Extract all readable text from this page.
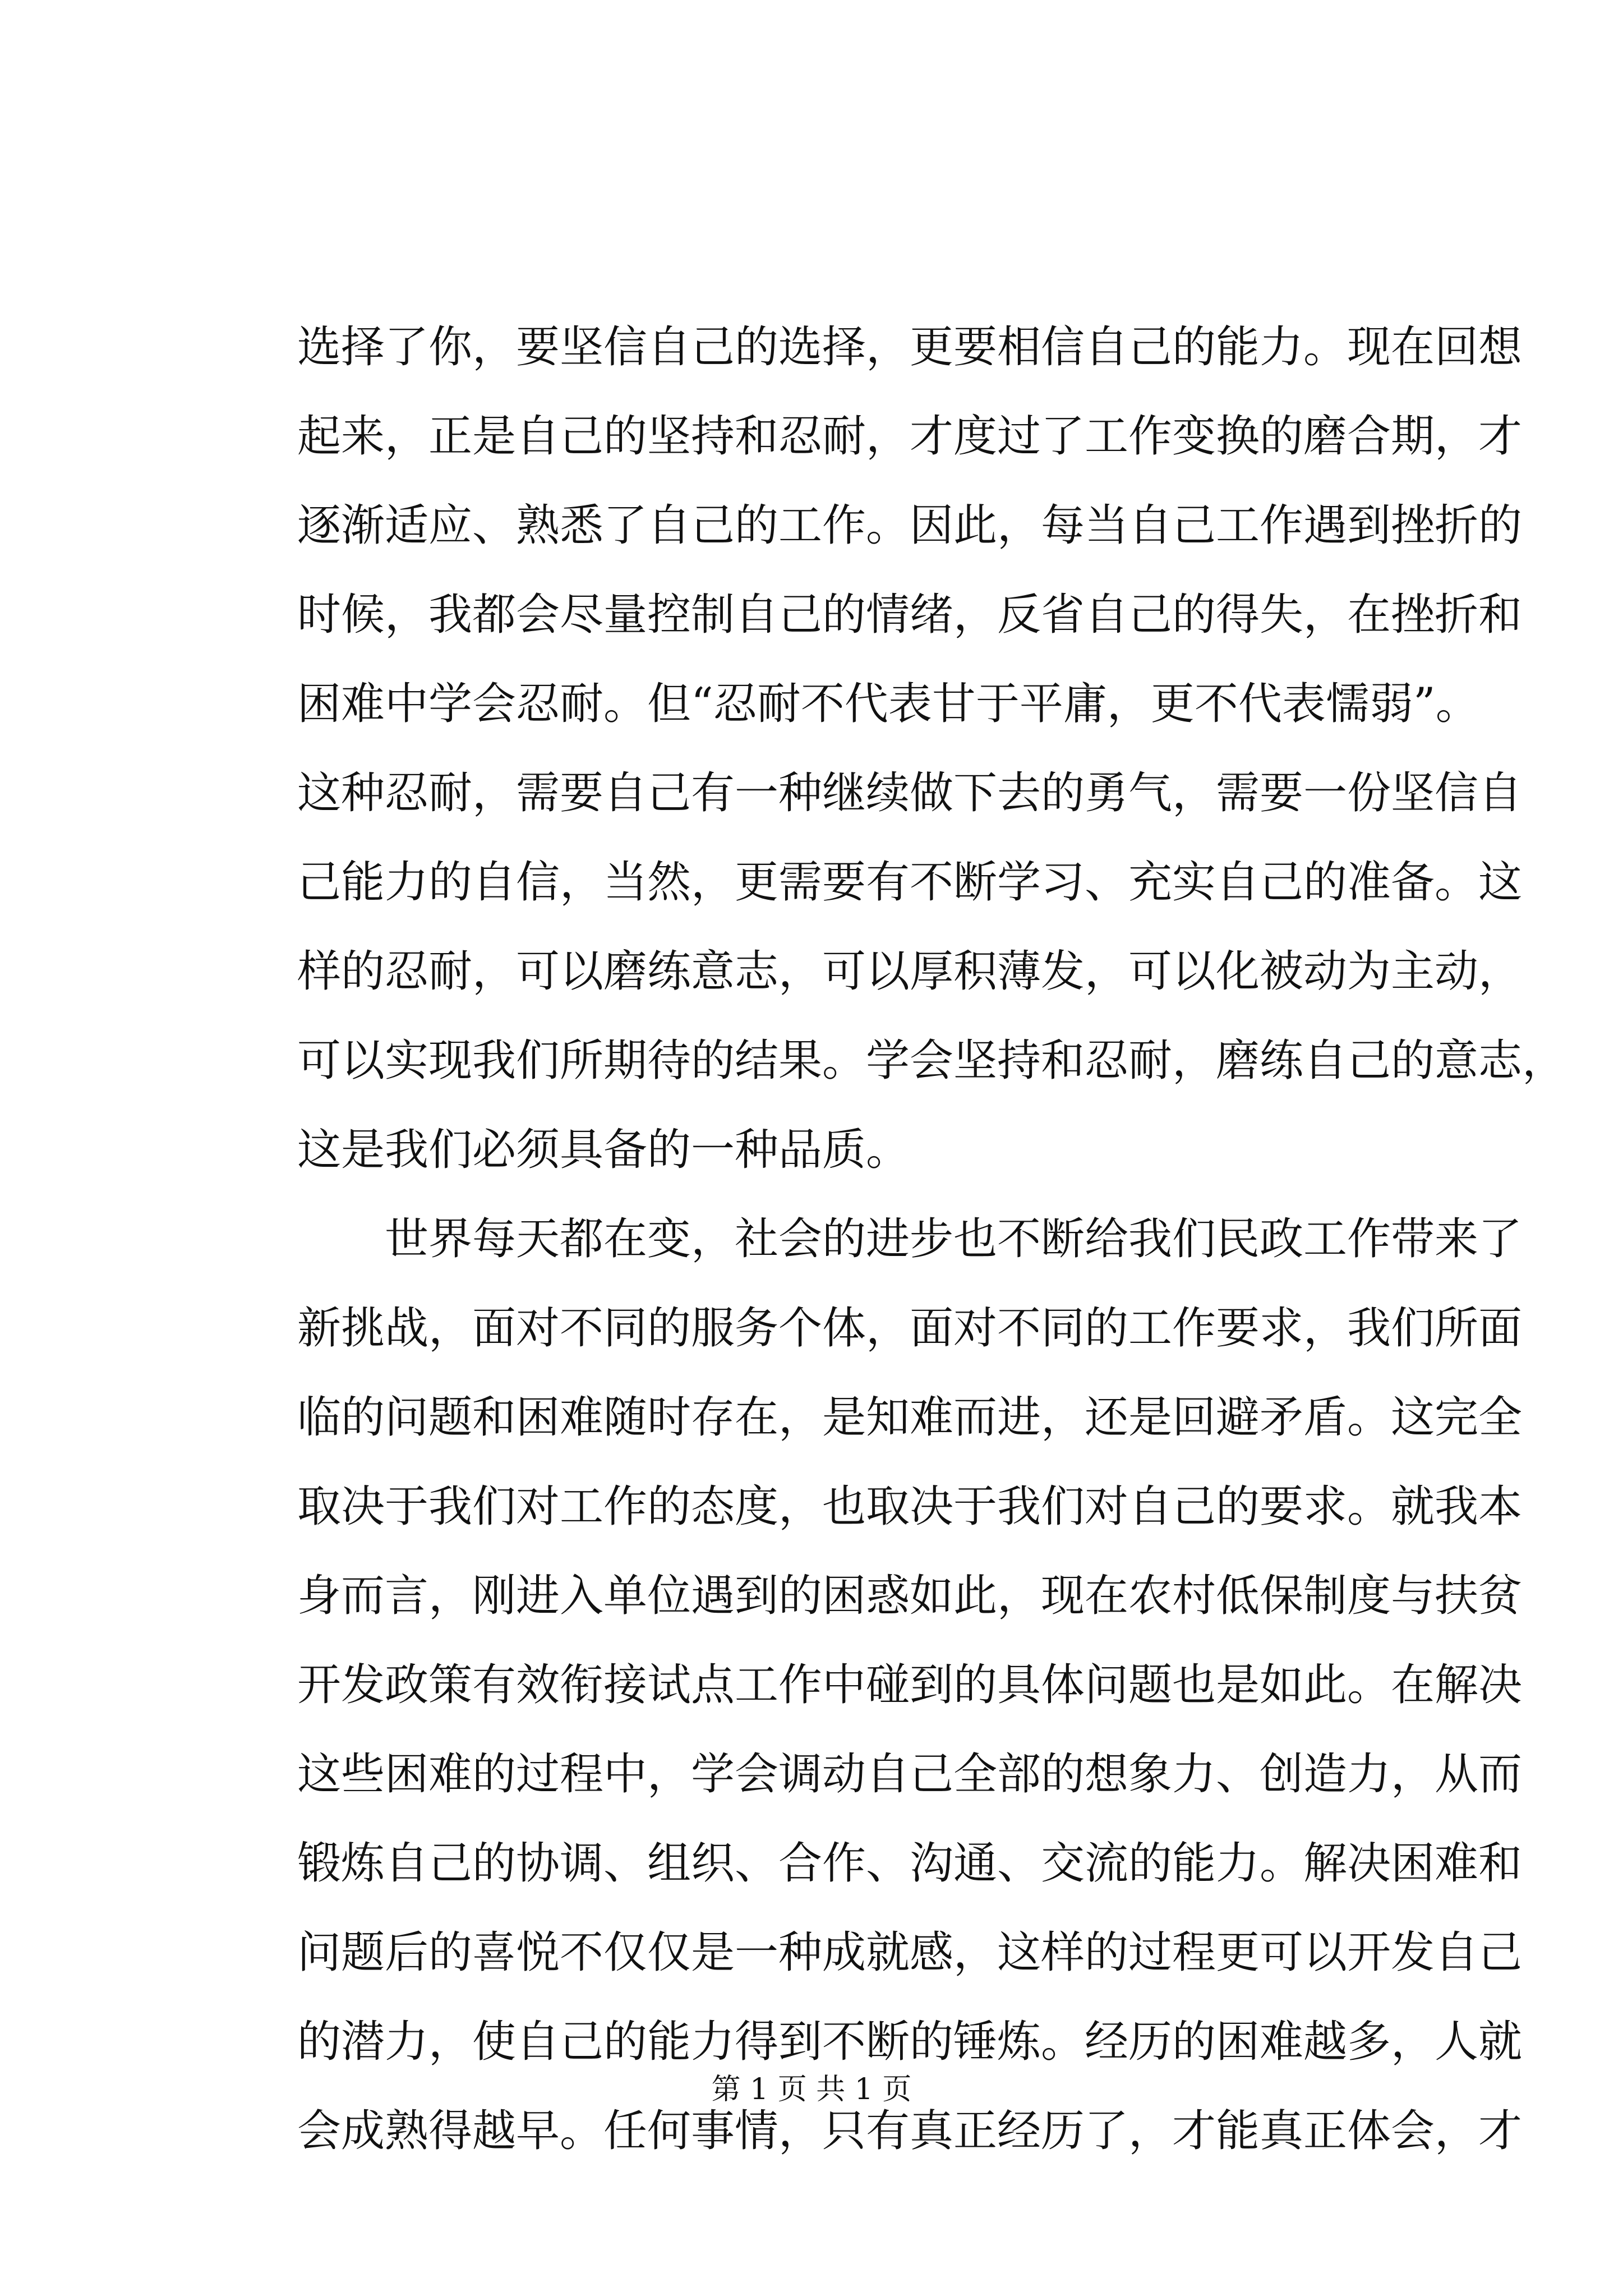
选择了你，要坚信自己的选择，更要相信自己的能力。现在回想
起来，正是自己的坚持和忍耐，才度过了工作变换的磨合期，才
逐渐适应、熟悉了自己的工作。因此，每当自己工作遇到挫折的
时候，我都会尽量控制自己的情绪，反省自己的得失，在挫折和
困难中学会忍耐。但“忍耐不代表甘于平庸，更不代表懦弱”。
这种忍耐，需要自己有一种继续做下去的勇气，需要一份坚信自
己能力的自信，当然，更需要有不断学习、充实自己的准备。这
样的忍耐，可以磨练意志，可以厚积薄发，可以化被动为主动，
可以实现我们所期待的结果。学会坚持和忍耐，磨练自己的意志，
这是我们必须具备的一种品质。
世界每天都在变，社会的进步也不断给我们民政工作带来了
新挑战，面对不同的服务个体，面对不同的工作要求，我们所面
临的问题和困难随时存在，是知难而进，还是回避矛盾。这完全
取决于我们对工作的态度，也取决于我们对自己的要求。就我本
身而言，刚进入单位遇到的困惑如此，现在农村低保制度与扶贫
开发政策有效衔接试点工作中碰到的具体问题也是如此。在解决
这些困难的过程中，学会调动自己全部的想象力、创造力，从而
锻炼自己的协调、组织、合作、沟通、交流的能力。解决困难和
问题后的喜悦不仅仅是一种成就感，这样的过程更可以开发自己
的潜力，使自己的能力得到不断的锤炼。经历的困难越多，人就
会成熟得越早。任何事情，只有真正经历了，才能真正体会，才
第 1 页 共 1 页
